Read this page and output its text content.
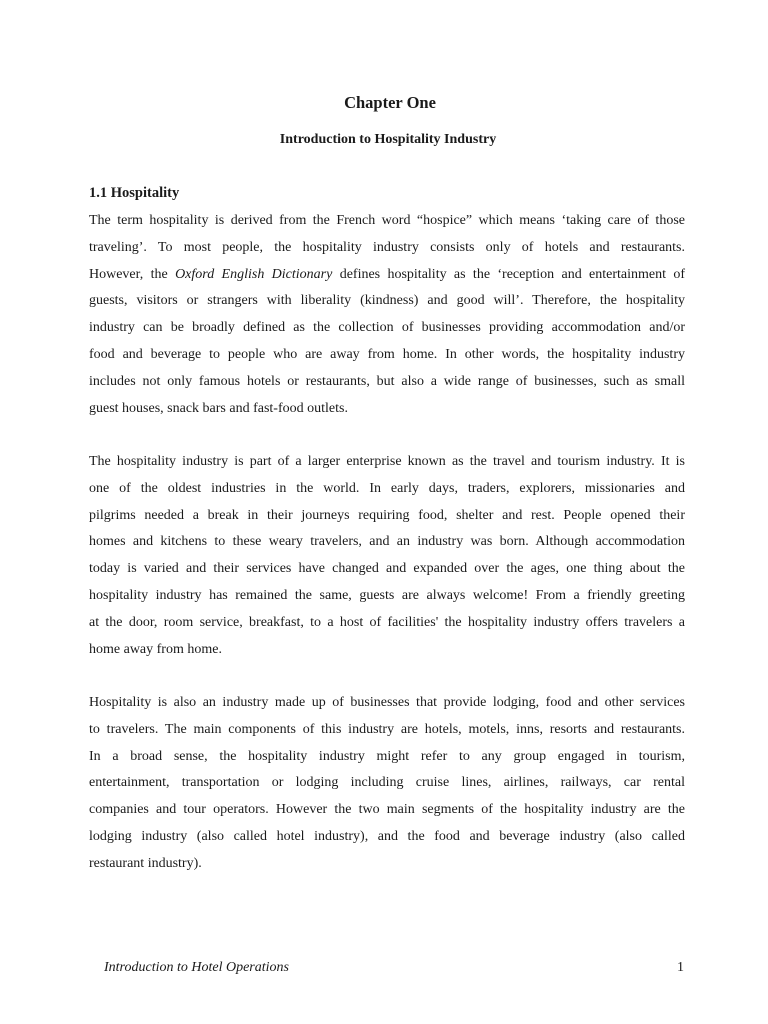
Chapter One
Introduction to Hospitality Industry
1.1 Hospitality
The term hospitality is derived from the French word “hospice” which means ‘taking care of those
traveling’. To most people, the hospitality industry consists only of hotels and restaurants.
However, the Oxford English Dictionary defines hospitality as the ‘reception and entertainment of
guests, visitors or strangers with liberality (kindness) and good will’. Therefore, the hospitality
industry can be broadly defined as the collection of businesses providing accommodation and/or
food and beverage to people who are away from home. In other words, the hospitality industry
includes not only famous hotels or restaurants, but also a wide range of businesses, such as small
guest houses, snack bars and fast-food outlets.
The hospitality industry is part of a larger enterprise known as the travel and tourism industry. It is
one of the oldest industries in the world. In early days, traders, explorers, missionaries and
pilgrims needed a break in their journeys requiring food, shelter and rest. People opened their
homes and kitchens to these weary travelers, and an industry was born. Although accommodation
today is varied and their services have changed and expanded over the ages, one thing about the
hospitality industry has remained the same, guests are always welcome! From a friendly greeting
at the door, room service, breakfast, to a host of facilities' the hospitality industry offers travelers a
home away from home.
Hospitality is also an industry made up of businesses that provide lodging, food and other services
to travelers. The main components of this industry are hotels, motels, inns, resorts and restaurants.
In a broad sense, the hospitality industry might refer to any group engaged in tourism,
entertainment, transportation or lodging including cruise lines, airlines, railways, car rental
companies and tour operators. However the two main segments of the hospitality industry are the
lodging industry (also called hotel industry), and the food and beverage industry (also called
restaurant industry).
Introduction to Hotel Operations	1
